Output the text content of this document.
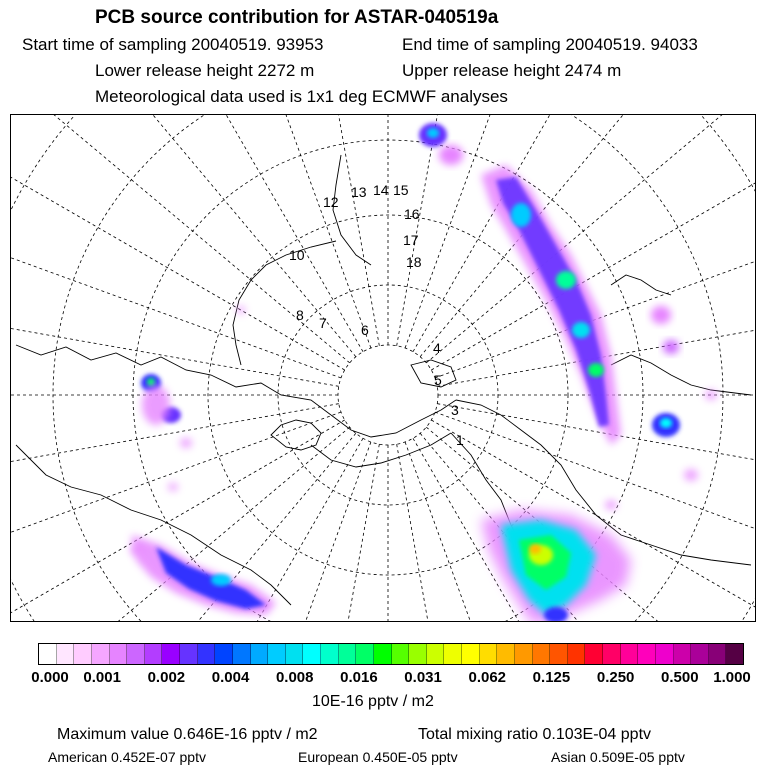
PCB source contribution for ASTAR-040519a
Start time of sampling 20040519. 93953	End time of sampling 20040519. 94033
Lower release height 2272 m	Upper release height 2474 m
Meteorological data used is 1x1 deg ECMWF analyses
1
3
4
5
6
7
8
10
12
13 14 15
16
17
18
0.000 0.001 0.002 0.004 0.008 0.016 0.031 0.062 0.125 0.250 0.500 1.000
10E-16 pptv / m2
Maximum value 0.646E-16 pptv / m2	Total mixing ratio 0.103E-04 pptv
American 0.452E-07 pptv	European 0.450E-05 pptv	Asian 0.509E-05 pptv
